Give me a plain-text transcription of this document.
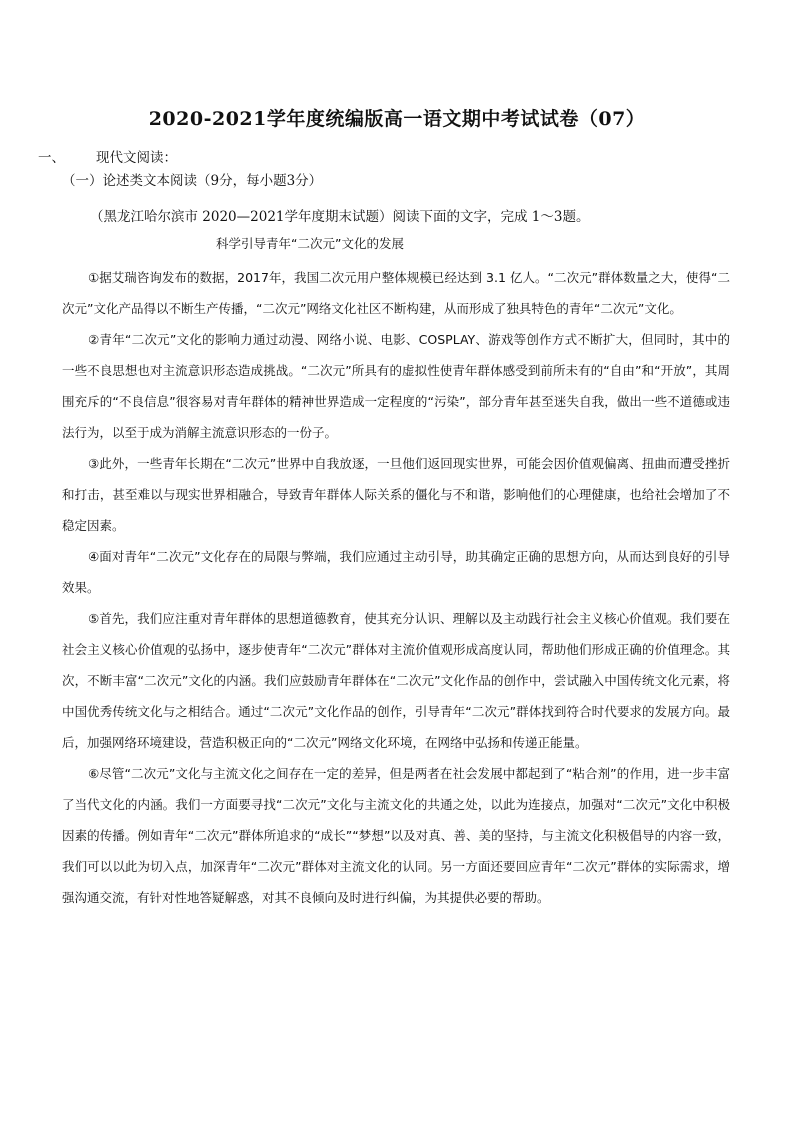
2020-2021学年度统编版高一语文期中考试试卷（07）
一、 现代文阅读：
（一）论述类文本阅读（9分，每小题3分）
（黑龙江哈尔滨市 2020—2021学年度期末试题）阅读下面的文字，完成 1～3题。
科学引导青年“二次元”文化的发展

①据艾瑞咨询发布的数据，2017年，我国二次元用户整体规模已经达到 3.1 亿人。“二次元”群体数量之大，使得“二次元”文化产品得以不断生产传播，“二次元”网络文化社区不断构建，从而形成了独具特色的青年“二次元”文化。

②青年“二次元”文化的影响力通过动漫、网络小说、电影、COSPLAY、游戏等创作方式不断扩大，但同时，其中的一些不良思想也对主流意识形态造成挑战。“二次元”所具有的虚拟性使青年群体感受到前所未有的“自由”和“开放”，其周围充斥的“不良信息”很容易对青年群体的精神世界造成一定程度的“污染”，部分青年甚至迷失自我，做出一些不道德或违法行为，以至于成为消解主流意识形态的一份子。

③此外，一些青年长期在“二次元”世界中自我放逐，一旦他们返回现实世界，可能会因价值观偏离、扭曲而遭受挫折和打击，甚至难以与现实世界相融合，导致青年群体人际关系的僵化与不和谐，影响他们的心理健康，也给社会增加了不稳定因素。

④面对青年“二次元”文化存在的局限与弊端，我们应通过主动引导，助其确定正确的思想方向，从而达到良好的引导效果。

⑤首先，我们应注重对青年群体的思想道德教育，使其充分认识、理解以及主动践行社会主义核心价值观。我们要在社会主义核心价值观的弘扬中，逐步使青年“二次元”群体对主流价值观形成高度认同，帮助他们形成正确的价值理念。其次，不断丰富“二次元”文化的内涵。我们应鼓励青年群体在“二次元”文化作品的创作中，尝试融入中国传统文化元素，将中国优秀传统文化与之相结合。通过“二次元”文化作品的创作，引导青年“二次元”群体找到符合时代要求的发展方向。最后，加强网络环境建设，营造积极正向的“二次元”网络文化环境，在网络中弘扬和传递正能量。

⑥尽管“二次元”文化与主流文化之间存在一定的差异，但是两者在社会发展中都起到了“粘合剂”的作用，进一步丰富了当代文化的内涵。我们一方面要寻找“二次元”文化与主流文化的共通之处，以此为连接点，加强对“二次元”文化中积极因素的传播。例如青年“二次元”群体所追求的“成长”“梦想”以及对真、善、美的坚持，与主流文化积极倡导的内容一致，我们可以以此为切入点，加深青年“二次元”群体对主流文化的认同。另一方面还要回应青年“二次元”群体的实际需求，增强沟通交流，有针对性地答疑解惑，对其不良倾向及时进行纠偏，为其提供必要的帮助。
